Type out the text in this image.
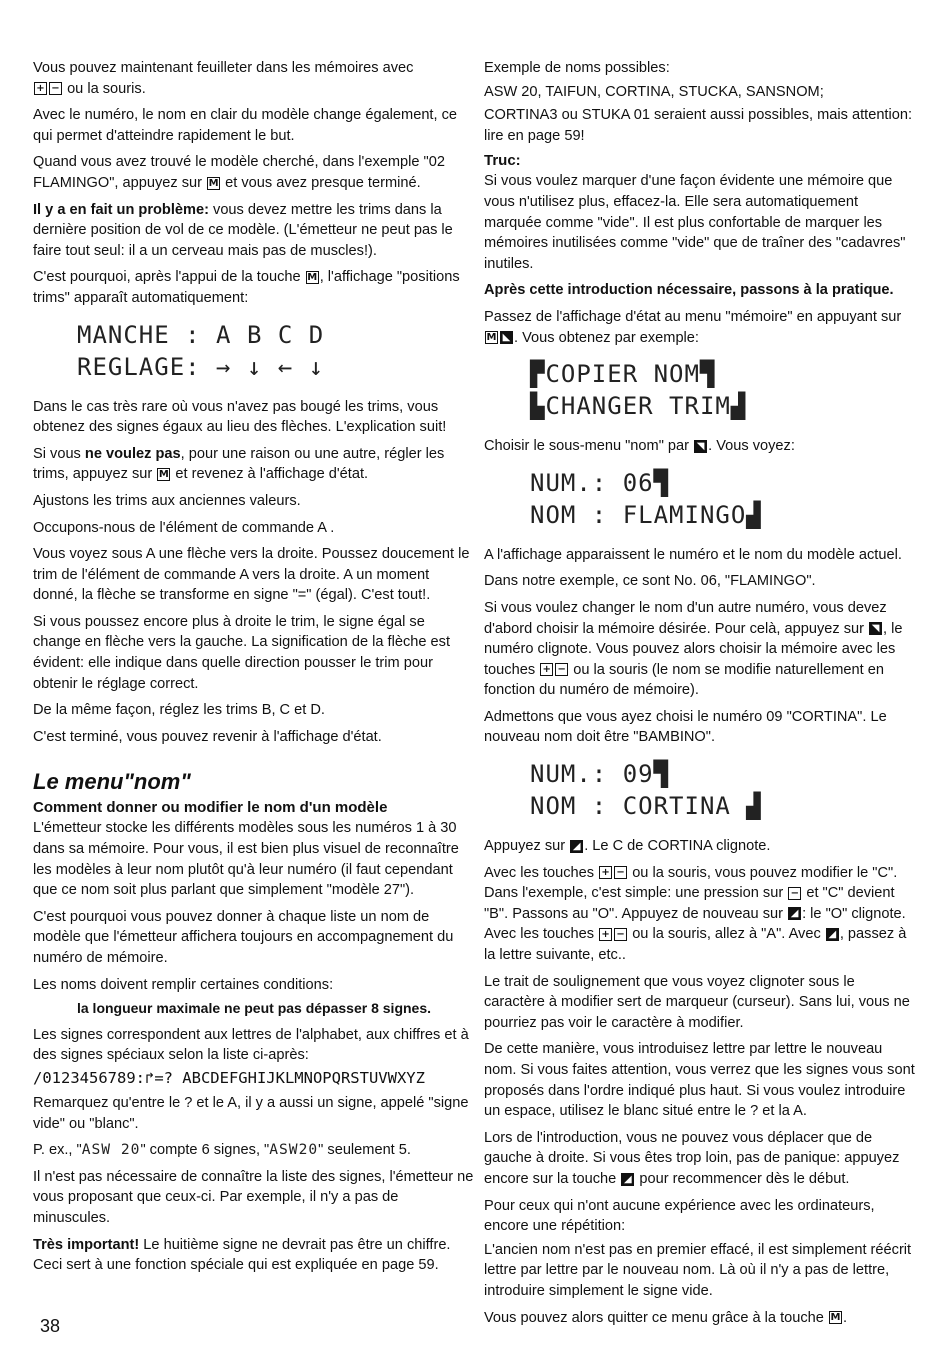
Vous pouvez maintenant feuilleter dans les mémoires avec
+ − ou la souris.

Avec le numéro, le nom en clair du modèle change également, ce qui permet d'atteindre rapidement le but.

Quand vous avez trouvé le modèle cherché, dans l'exemple "02 FLAMINGO", appuyez sur M et vous avez presque terminé.

Il y a en fait un problème: vous devez mettre les trims dans la dernière position de vol de ce modèle. (L'émetteur ne peut pas le faire tout seul: il a un cerveau mais pas de muscles!).

C'est pourquoi, après l'appui de la touche M , l'affichage "positions trims" apparaît automatiquement:

MANCHE : A B C D
REGLAGE: → ↓ ← ↓

Dans le cas très rare où vous n'avez pas bougé les trims, vous obtenez des signes égaux au lieu des flèches. L'explication suit!

Si vous ne voulez pas, pour une raison ou une autre, régler les trims, appuyez sur M et revenez à l'affichage d'état.

Ajustons les trims aux anciennes valeurs.

Occupons-nous de l'élément de commande A .

Vous voyez sous A une flèche vers la droite. Poussez doucement le trim de l'élément de commande A vers la droite. A un moment donné, la flèche se transforme en signe "=" (égal). C'est tout!.

Si vous poussez encore plus à droite le trim, le signe égal se change en flèche vers la gauche. La signification de la flèche est évident: elle indique dans quelle direction pousser le trim pour obtenir le réglage correct.

De la même façon, réglez les trims B, C et D.

C'est terminé, vous pouvez revenir à l'affichage d'état.

Le menu"nom"
Comment donner ou modifier le nom d'un modèle

L'émetteur stocke les différents modèles sous les numéros 1 à 30 dans sa mémoire. Pour vous, il est bien plus visuel de reconnaître les modèles à leur nom plutôt qu'à leur numéro (il faut cependant que ce nom soit plus parlant que simplement "modèle 27").

C'est pourquoi vous pouvez donner à chaque liste un nom de modèle que l'émetteur affichera toujours en accompagnement du numéro de mémoire.

Les noms doivent remplir certaines conditions:

la longueur maximale ne peut pas dépasser 8 signes.

Les signes correspondent aux lettres de l'alphabet, aux chiffres et à des signes spéciaux selon la liste ci-après:

/0123456789:↱=? ABCDEFGHIJKLMNOPQRSTUVWXYZ

Remarquez qu'entre le ? et le A, il y a aussi un signe, appelé "signe vide" ou "blanc".

P. ex., "ASW 20" compte 6 signes, "ASW20" seulement 5.

Il n'est pas nécessaire de connaître la liste des signes, l'émetteur ne vous proposant que ceux-ci. Par exemple, il n'y a pas de minuscules.

Très important! Le huitième signe ne devrait pas être un chiffre. Ceci sert à une fonction spéciale qui est expliquée en page 59.

Exemple de noms possibles:

ASW 20, TAIFUN, CORTINA, STUCKA, SANSNOM;

CORTINA3 ou STUKA 01 seraient aussi possibles, mais attention: lire en page 59!

Truc:

Si vous voulez marquer d'une façon évidente une mémoire que vous n'utilisez plus, effacez-la. Elle sera automatiquement marquée comme "vide". Il est plus confortable de marquer les mémoires inutilisées comme "vide" que de traîner des "cadavres" inutiles.

Après cette introduction nécessaire, passons à la pratique.

Passez de l'affichage d'état au menu "mémoire" en appuyant sur M ◣ . Vous obtenez par exemple:

▛COPIER NOM▜
▙CHANGER TRIM▟

Choisir le sous-menu "nom" par ◥ . Vous voyez:

NUM.: 06▜
NOM : FLAMINGO▟

A l'affichage apparaissent le numéro et le nom du modèle actuel.

Dans notre exemple, ce sont No. 06, "FLAMINGO".

Si vous voulez changer le nom d'un autre numéro, vous devez d'abord choisir la mémoire désirée. Pour celà, appuyez sur ◥ , le numéro clignote. Vous pouvez alors choisir la mémoire avec les touches + − ou la souris (le nom se modifie naturellement en fonction du numéro de mémoire).

Admettons que vous ayez choisi le numéro 09 "CORTINA". Le nouveau nom doit être "BAMBINO".

NUM.: 09▜
NOM : CORTINA ▟

Appuyez sur ◢ . Le C de CORTINA clignote.

Avec les touches + − ou la souris, vous pouvez modifier le "C". Dans l'exemple, c'est simple: une pression sur − et "C" devient "B". Passons au "O". Appuyez de nouveau sur ◢ : le "O" clignote. Avec les touches + − ou la souris, allez à "A". Avec ◢ , passez à la lettre suivante, etc..

Le trait de soulignement que vous voyez clignoter sous le caractère à modifier sert de marqueur (curseur). Sans lui, vous ne pourriez pas voir le caractère à modifier.

De cette manière, vous introduisez lettre par lettre le nouveau nom. Si vous faites attention, vous verrez que les signes vous sont proposés dans l'ordre indiqué plus haut. Si vous voulez introduire un espace, utilisez le blanc situé entre le ? et la A.

Lors de l'introduction, vous ne pouvez vous déplacer que de gauche à droite. Si vous êtes trop loin, pas de panique: appuyez encore sur la touche ◢ pour recommencer dès le début.

Pour ceux qui n'ont aucune expérience avec les ordinateurs, encore une répétition:

L'ancien nom n'est pas en premier effacé, il est simplement réécrit lettre par lettre par le nouveau nom. Là où il n'y a pas de lettre, introduire simplement le signe vide.

Vous pouvez alors quitter ce menu grâce à la touche M .

38
